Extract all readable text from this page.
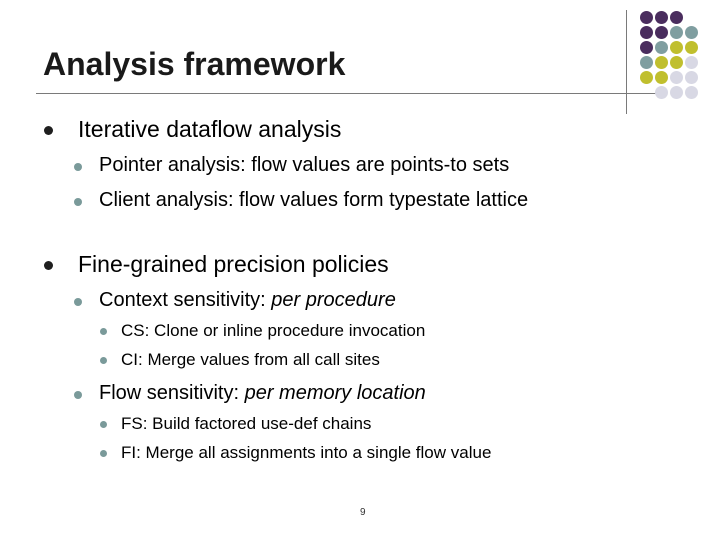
Analysis framework
Iterative dataflow analysis
Pointer analysis: flow values are points-to sets
Client analysis: flow values form typestate lattice
Fine-grained precision policies
Context sensitivity: per procedure
CS: Clone or inline procedure invocation
CI: Merge values from all call sites
Flow sensitivity: per memory location
FS: Build factored use-def chains
FI: Merge all assignments into a single flow value
9
